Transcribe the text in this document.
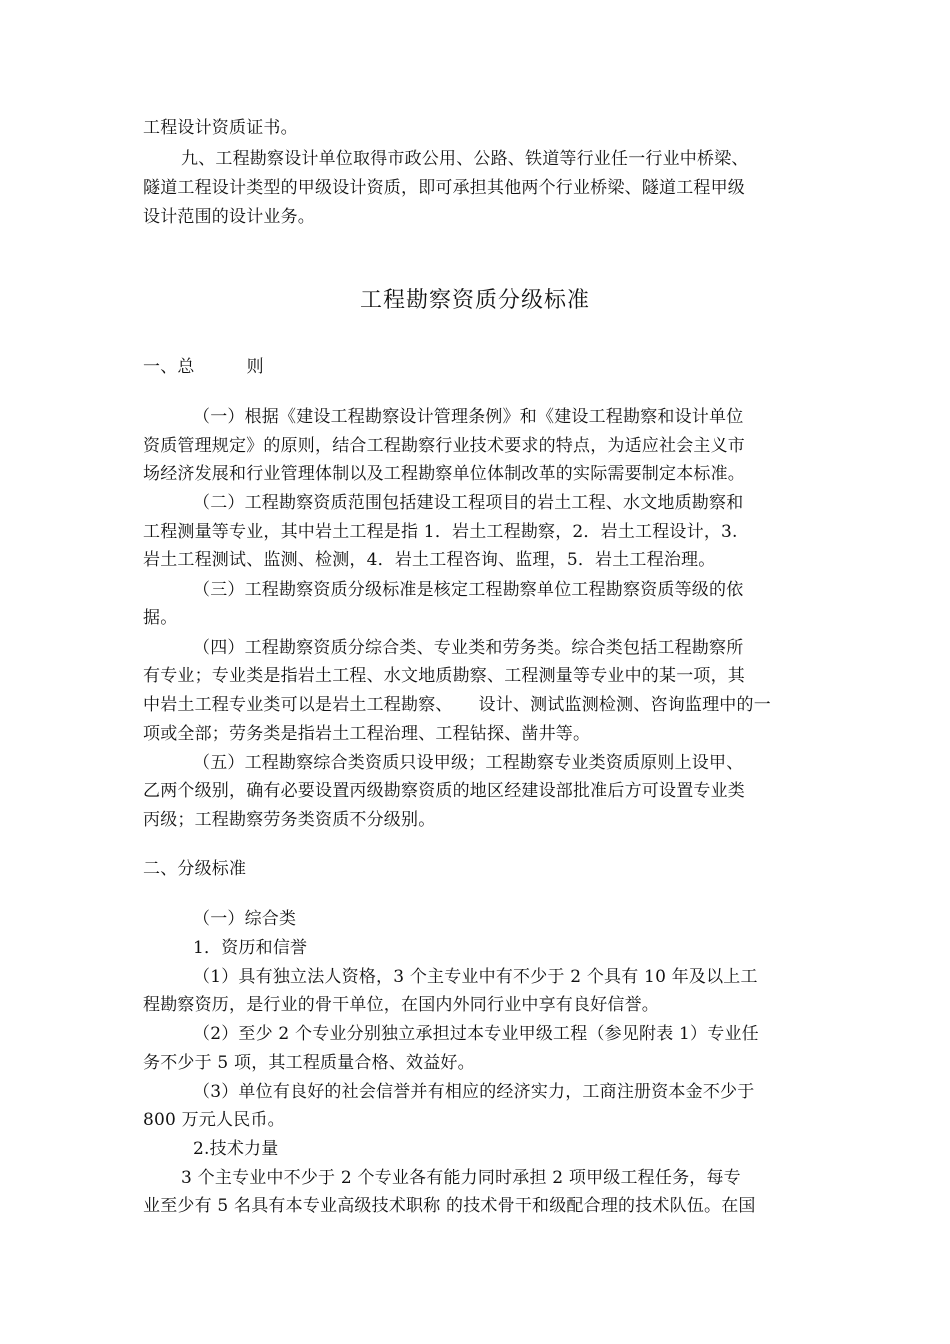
工程设计资质证书。
九、工程勘察设计单位取得市政公用、公路、铁道等行业任一行业中桥梁、
隧道工程设计类型的甲级设计资质，即可承担其他两个行业桥梁、隧道工程甲级
设计范围的设计业务。
工程勘察资质分级标准
一、总	则
（一）根据《建设工程勘察设计管理条例》和《建设工程勘察和设计单位
资质管理规定》的原则，结合工程勘察行业技术要求的特点，为适应社会主义市
场经济发展和行业管理体制以及工程勘察单位体制改革的实际需要制定本标准。
（二）工程勘察资质范围包括建设工程项目的岩土工程、水文地质勘察和
工程测量等专业，其中岩土工程是指 1．岩土工程勘察，2．岩土工程设计，3.
岩土工程测试、监测、检测，4．岩土工程咨询、监理，5．岩土工程治理。
（三）工程勘察资质分级标准是核定工程勘察单位工程勘察资质等级的依
据。
（四）工程勘察资质分综合类、专业类和劳务类。综合类包括工程勘察所
有专业；专业类是指岩土工程、水文地质勘察、工程测量等专业中的某一项，其
中岩土工程专业类可以是岩土工程勘察、　　设计、测试监测检测、咨询监理中的一
项或全部；劳务类是指岩土工程治理、工程钻探、凿井等。
（五）工程勘察综合类资质只设甲级；工程勘察专业类资质原则上设甲、
乙两个级别，确有必要设置丙级勘察资质的地区经建设部批准后方可设置专业类
丙级；工程勘察劳务类资质不分级别。
二、分级标准
（一）综合类
1．资历和信誉
（1）具有独立法人资格，3 个主专业中有不少于 2 个具有 10 年及以上工
程勘察资历，是行业的骨干单位，在国内外同行业中享有良好信誉。
（2）至少 2 个专业分别独立承担过本专业甲级工程（参见附表 1）专业任
务不少于 5 项，其工程质量合格、效益好。
（3）单位有良好的社会信誉并有相应的经济实力，工商注册资本金不少于
800 万元人民币。
2.技术力量
3 个主专业中不少于 2 个专业各有能力同时承担 2 项甲级工程任务，每专
业至少有 5 名具有本专业高级技术职称 的技术骨干和级配合理的技术队伍。在国
